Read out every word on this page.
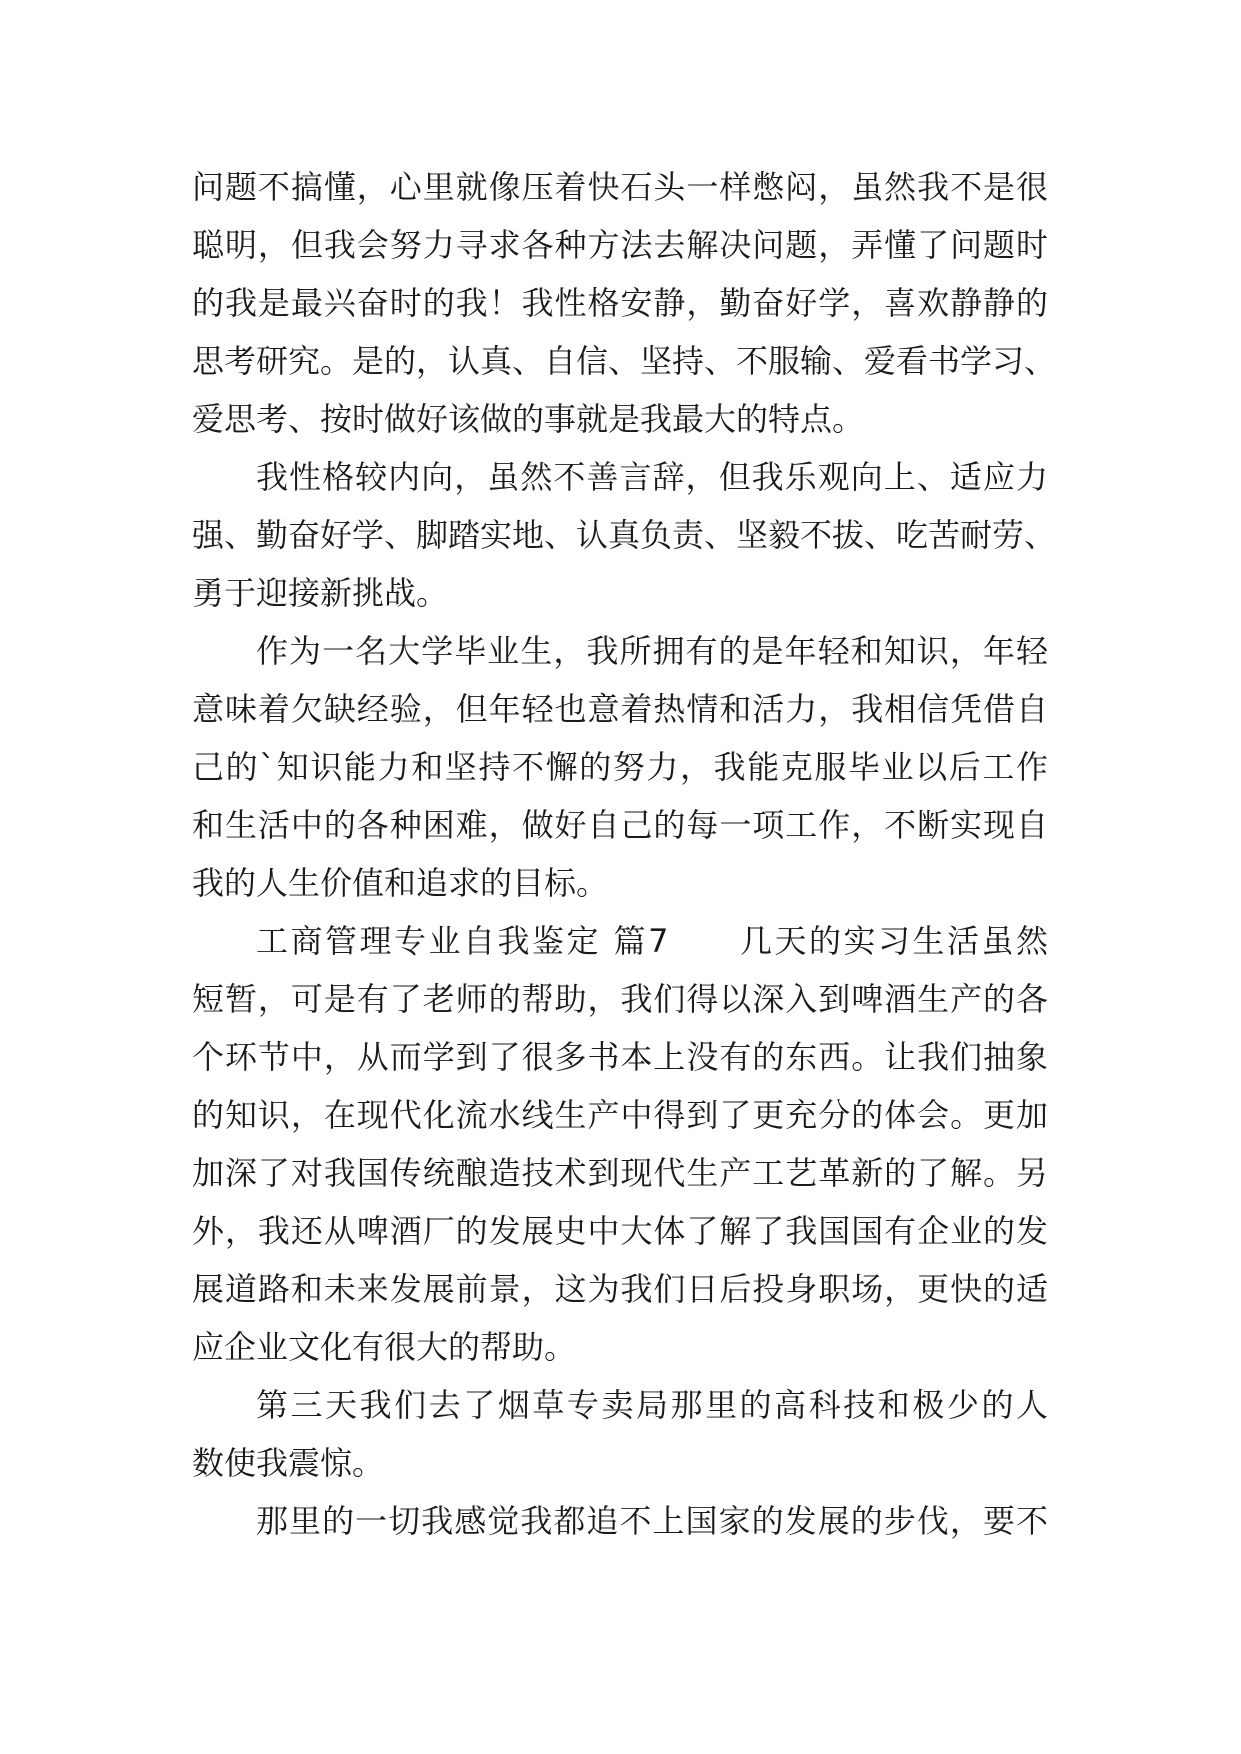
问题不搞懂，心里就像压着快石头一样憋闷，虽然我不是很
聪明，但我会努力寻求各种方法去解决问题，弄懂了问题时
的我是最兴奋时的我！我性格安静，勤奋好学，喜欢静静的
思考研究。是的，认真、自信、坚持、不服输、爱看书学习、
爱思考、按时做好该做的事就是我最大的特点。
我性格较内向，虽然不善言辞，但我乐观向上、适应力
强、勤奋好学、脚踏实地、认真负责、坚毅不拔、吃苦耐劳、
勇于迎接新挑战。
作为一名大学毕业生，我所拥有的是年轻和知识，年轻
意味着欠缺经验，但年轻也意着热情和活力，我相信凭借自
己的`知识能力和坚持不懈的努力，我能克服毕业以后工作
和生活中的各种困难，做好自己的每一项工作，不断实现自
我的人生价值和追求的目标。
工商管理专业自我鉴定 篇7　　几天的实习生活虽然
短暂，可是有了老师的帮助，我们得以深入到啤酒生产的各
个环节中，从而学到了很多书本上没有的东西。让我们抽象
的知识，在现代化流水线生产中得到了更充分的体会。更加
加深了对我国传统酿造技术到现代生产工艺革新的了解。另
外，我还从啤酒厂的发展史中大体了解了我国国有企业的发
展道路和未来发展前景，这为我们日后投身职场，更快的适
应企业文化有很大的帮助。
第三天我们去了烟草专卖局那里的高科技和极少的人
数使我震惊。
那里的一切我感觉我都追不上国家的发展的步伐，要不
